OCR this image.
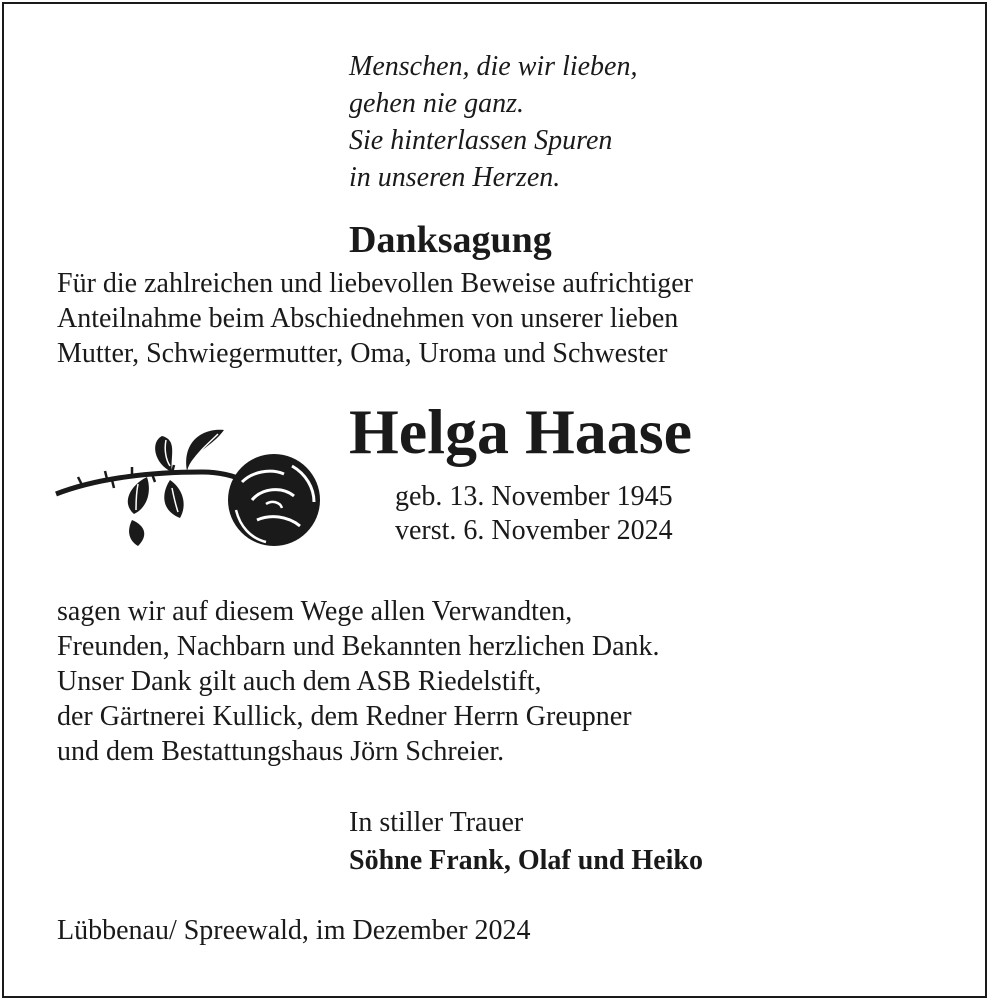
Menschen, die wir lieben,
gehen nie ganz.
Sie hinterlassen Spuren
in unseren Herzen.
Danksagung
Für die zahlreichen und liebevollen Beweise aufrichtiger
Anteilnahme beim Abschiednehmen von unserer lieben
Mutter, Schwiegermutter, Oma, Uroma und Schwester
Helga Haase
geb. 13. November 1945
verst. 6. November 2024
sagen wir auf diesem Wege allen Verwandten,
Freunden, Nachbarn und Bekannten herzlichen Dank.
Unser Dank gilt auch dem ASB Riedelstift,
der Gärtnerei Kullick, dem Redner Herrn Greupner
und dem Bestattungshaus Jörn Schreier.
In stiller Trauer
Söhne Frank, Olaf und Heiko
Lübbenau/ Spreewald, im Dezember 2024
